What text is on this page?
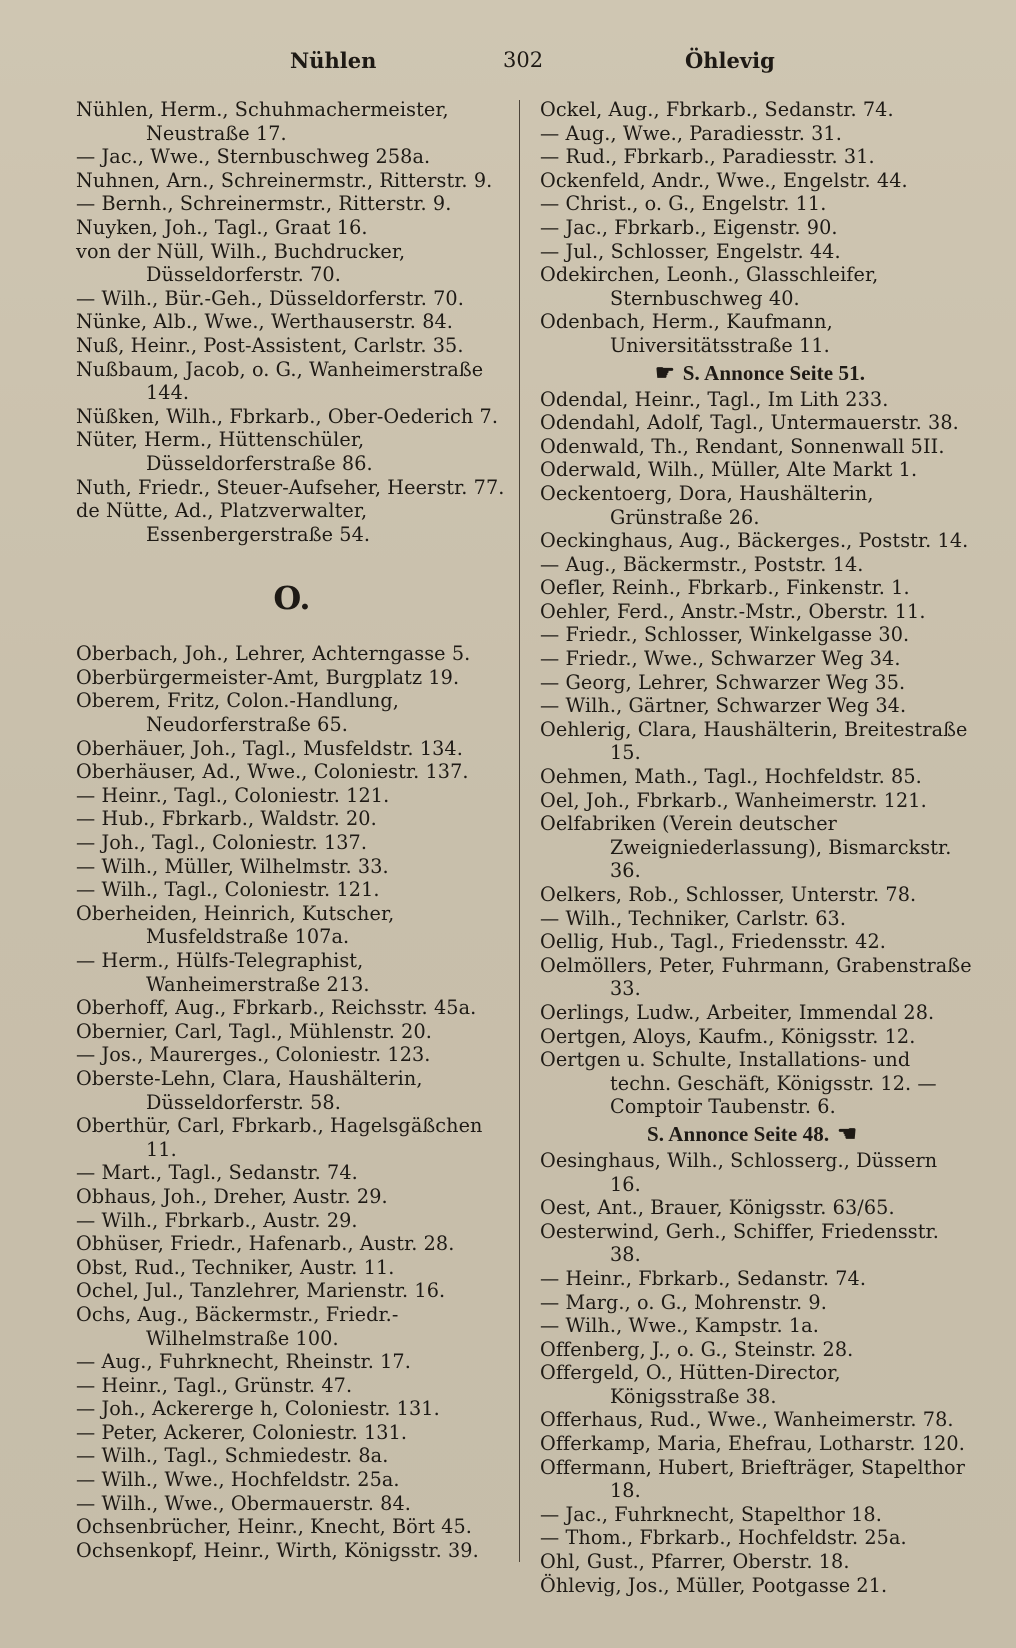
Nühlen	302	Öhlevig
Nühlen, Herm., Schuhmachermeister, Neustraße 17.
— Jac., Wwe., Sternbuschweg 258a.
Nuhnen, Arn., Schreinermstr., Ritterstr. 9.
— Bernh., Schreinermstr., Ritterstr. 9.
Nuyken, Joh., Tagl., Graat 16.
von der Nüll, Wilh., Buchdrucker, Düsseldorferstr. 70.
— Wilh., Bür.-Geh., Düsseldorferstr. 70.
Nünke, Alb., Wwe., Werthauserstr. 84.
Nuß, Heinr., Post-Assistent, Carlstr. 35.
Nußbaum, Jacob, o. G., Wanheimerstraße 144.
Nüßken, Wilh., Fbrkarb., Ober-Oederich 7.
Nüter, Herm., Hüttenschüler, Düsseldorferstraße 86.
Nuth, Friedr., Steuer-Aufseher, Heerstr. 77.
de Nütte, Ad., Platzverwalter, Essenbergerstraße 54.
O.
Oberbach, Joh., Lehrer, Achterngasse 5.
Oberbürgermeister-Amt, Burgplatz 19.
Oberem, Fritz, Colon.-Handlung, Neudorferstraße 65.
Oberhäuer, Joh., Tagl., Musfeldstr. 134.
Oberhäuser, Ad., Wwe., Coloniestr. 137.
— Heinr., Tagl., Coloniestr. 121.
— Hub., Fbrkarb., Waldstr. 20.
— Joh., Tagl., Coloniestr. 137.
— Wilh., Müller, Wilhelmstr. 33.
— Wilh., Tagl., Coloniestr. 121.
Oberheiden, Heinrich, Kutscher, Musfeldstraße 107a.
— Herm., Hülfs-Telegraphist, Wanheimerstraße 213.
Oberhoff, Aug., Fbrkarb., Reichsstr. 45a.
Obernier, Carl, Tagl., Mühlenstr. 20.
— Jos., Maurerges., Coloniestr. 123.
Oberste-Lehn, Clara, Haushälterin, Düsseldorferstr. 58.
Oberthür, Carl, Fbrkarb., Hagelsgäßchen 11.
— Mart., Tagl., Sedanstr. 74.
Obhaus, Joh., Dreher, Austr. 29.
— Wilh., Fbrkarb., Austr. 29.
Obhüser, Friedr., Hafenarb., Austr. 28.
Obst, Rud., Techniker, Austr. 11.
Ochel, Jul., Tanzlehrer, Marienstr. 16.
Ochs, Aug., Bäckermstr., Friedr.-Wilhelmstraße 100.
— Aug., Fuhrknecht, Rheinstr. 17.
— Heinr., Tagl., Grünstr. 47.
— Joh., Ackererge h, Coloniestr. 131.
— Peter, Ackerer, Coloniestr. 131.
— Wilh., Tagl., Schmiedestr. 8a.
— Wilh., Wwe., Hochfeldstr. 25a.
— Wilh., Wwe., Obermauerstr. 84.
Ochsenbrücher, Heinr., Knecht, Bört 45.
Ochsenkopf, Heinr., Wirth, Königsstr. 39.
Ockel, Aug., Fbrkarb., Sedanstr. 74.
— Aug., Wwe., Paradiesstr. 31.
— Rud., Fbrkarb., Paradiesstr. 31.
Ockenfeld, Andr., Wwe., Engelstr. 44.
— Christ., o. G., Engelstr. 11.
— Jac., Fbrkarb., Eigenstr. 90.
— Jul., Schlosser, Engelstr. 44.
Odekirchen, Leonh., Glasschleifer, Sternbuschweg 40.
Odenbach, Herm., Kaufmann, Universitätsstraße 11.
☛ S. Annonce Seite 51.
Odendal, Heinr., Tagl., Im Lith 233.
Odendahl, Adolf, Tagl., Untermauerstr. 38.
Odenwald, Th., Rendant, Sonnenwall 5II.
Oderwald, Wilh., Müller, Alte Markt 1.
Oeckentoerg, Dora, Haushälterin, Grünstraße 26.
Oeckinghaus, Aug., Bäckerges., Poststr. 14.
— Aug., Bäckermstr., Poststr. 14.
Oefler, Reinh., Fbrkarb., Finkenstr. 1.
Oehler, Ferd., Anstr.-Mstr., Oberstr. 11.
— Friedr., Schlosser, Winkelgasse 30.
— Friedr., Wwe., Schwarzer Weg 34.
— Georg, Lehrer, Schwarzer Weg 35.
— Wilh., Gärtner, Schwarzer Weg 34.
Oehlerig, Clara, Haushälterin, Breitestraße 15.
Oehmen, Math., Tagl., Hochfeldstr. 85.
Oel, Joh., Fbrkarb., Wanheimerstr. 121.
Oelfabriken (Verein deutscher Zweigniederlassung), Bismarckstr. 36.
Oelkers, Rob., Schlosser, Unterstr. 78.
— Wilh., Techniker, Carlstr. 63.
Oellig, Hub., Tagl., Friedensstr. 42.
Oelmöllers, Peter, Fuhrmann, Grabenstraße 33.
Oerlings, Ludw., Arbeiter, Immendal 28.
Oertgen, Aloys, Kaufm., Königsstr. 12.
Oertgen u. Schulte, Installations- und techn. Geschäft, Königsstr. 12. — Comptoir Taubenstr. 6.
S. Annonce Seite 48. ☚
Oesinghaus, Wilh., Schlosserg., Düssern 16.
Oest, Ant., Brauer, Königsstr. 63/65.
Oesterwind, Gerh., Schiffer, Friedensstr. 38.
— Heinr., Fbrkarb., Sedanstr. 74.
— Marg., o. G., Mohrenstr. 9.
— Wilh., Wwe., Kampstr. 1a.
Offenberg, J., o. G., Steinstr. 28.
Offergeld, O., Hütten-Director, Königsstraße 38.
Offerhaus, Rud., Wwe., Wanheimerstr. 78.
Offerkamp, Maria, Ehefrau, Lotharstr. 120.
Offermann, Hubert, Briefträger, Stapelthor 18.
— Jac., Fuhrknecht, Stapelthor 18.
— Thom., Fbrkarb., Hochfeldstr. 25a.
Ohl, Gust., Pfarrer, Oberstr. 18.
Öhlevig, Jos., Müller, Pootgasse 21.
